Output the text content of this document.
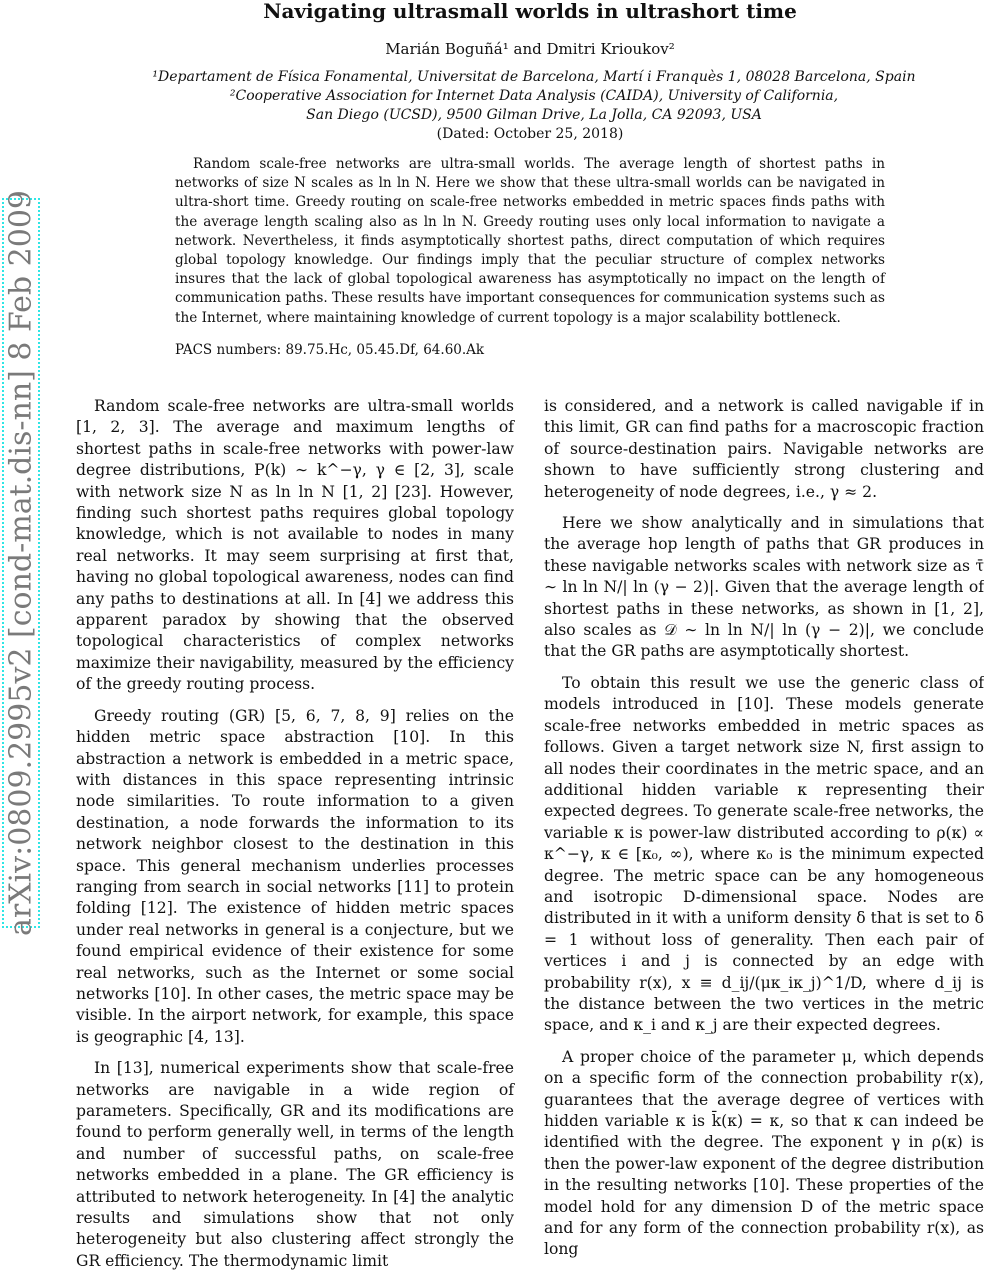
Navigating ultrasmall worlds in ultrashort time
Marián Boguñá¹ and Dmitri Krioukov²
¹Departament de Física Fonamental, Universitat de Barcelona, Martí i Franquès 1, 08028 Barcelona, Spain
²Cooperative Association for Internet Data Analysis (CAIDA), University of California,
San Diego (UCSD), 9500 Gilman Drive, La Jolla, CA 92093, USA
(Dated: October 25, 2018)

Random scale-free networks are ultra-small worlds. The average length of shortest paths in networks of size N scales as ln ln N. Here we show that these ultra-small worlds can be navigated in ultra-short time. Greedy routing on scale-free networks embedded in metric spaces finds paths with the average length scaling also as ln ln N. Greedy routing uses only local information to navigate a network. Nevertheless, it finds asymptotically shortest paths, direct computation of which requires global topology knowledge. Our findings imply that the peculiar structure of complex networks insures that the lack of global topological awareness has asymptotically no impact on the length of communication paths. These results have important consequences for communication systems such as the Internet, where maintaining knowledge of current topology is a major scalability bottleneck.

PACS numbers: 89.75.Hc, 05.45.Df, 64.60.Ak
arXiv:0809.2995v2 [cond-mat.dis-nn] 8 Feb 2009	Random scale-free networks are ultra-small worlds [1, 2, 3]. The average and maximum lengths of shortest paths in scale-free networks with power-law degree distributions, P(k) ∼ k^−γ, γ ∈ [2, 3], scale with network size N as ln ln N [1, 2] [23]. However, finding such shortest paths requires global topology knowledge, which is not available to nodes in many real networks. It may seem surprising at first that, having no global topological awareness, nodes can find any paths to destinations at all. In [4] we address this apparent paradox by showing that the observed topological characteristics of complex networks maximize their navigability, measured by the efficiency of the greedy routing process.

Greedy routing (GR) [5, 6, 7, 8, 9] relies on the hidden metric space abstraction [10]. In this abstraction a network is embedded in a metric space, with distances in this space representing intrinsic node similarities. To route information to a given destination, a node forwards the information to its network neighbor closest to the destination in this space. This general mechanism underlies processes ranging from search in social networks [11] to protein folding [12]. The existence of hidden metric spaces under real networks in general is a conjecture, but we found empirical evidence of their existence for some real networks, such as the Internet or some social networks [10]. In other cases, the metric space may be visible. In the airport network, for example, this space is geographic [4, 13].

In [13], numerical experiments show that scale-free networks are navigable in a wide region of parameters. Specifically, GR and its modifications are found to perform generally well, in terms of the length and number of successful paths, on scale-free networks embedded in a plane. The GR efficiency is attributed to network heterogeneity. In [4] the analytic results and simulations show that not only heterogeneity but also clustering affect strongly the GR efficiency. The thermodynamic limit

is considered, and a network is called navigable if in this limit, GR can find paths for a macroscopic fraction of source-destination pairs. Navigable networks are shown to have sufficiently strong clustering and heterogeneity of node degrees, i.e., γ ≈ 2.

Here we show analytically and in simulations that the average hop length of paths that GR produces in these navigable networks scales with network size as τ̄ ∼ ln ln N/| ln (γ − 2)|. Given that the average length of shortest paths in these networks, as shown in [1, 2], also scales as 𝒟 ∼ ln ln N/| ln (γ − 2)|, we conclude that the GR paths are asymptotically shortest.

To obtain this result we use the generic class of models introduced in [10]. These models generate scale-free networks embedded in metric spaces as follows. Given a target network size N, first assign to all nodes their coordinates in the metric space, and an additional hidden variable κ representing their expected degrees. To generate scale-free networks, the variable κ is power-law distributed according to ρ(κ) ∝ κ^−γ, κ ∈ [κ₀, ∞), where κ₀ is the minimum expected degree. The metric space can be any homogeneous and isotropic D-dimensional space. Nodes are distributed in it with a uniform density δ that is set to δ = 1 without loss of generality. Then each pair of vertices i and j is connected by an edge with probability r(x), x ≡ d_ij/(μκ_iκ_j)^1/D, where d_ij is the distance between the two vertices in the metric space, and κ_i and κ_j are their expected degrees.

A proper choice of the parameter μ, which depends on a specific form of the connection probability r(x), guarantees that the average degree of vertices with hidden variable κ is k̄(κ) = κ, so that κ can indeed be identified with the degree. The exponent γ in ρ(κ) is then the power-law exponent of the degree distribution in the resulting networks [10]. These properties of the model hold for any dimension D of the metric space and for any form of the connection probability r(x), as long
